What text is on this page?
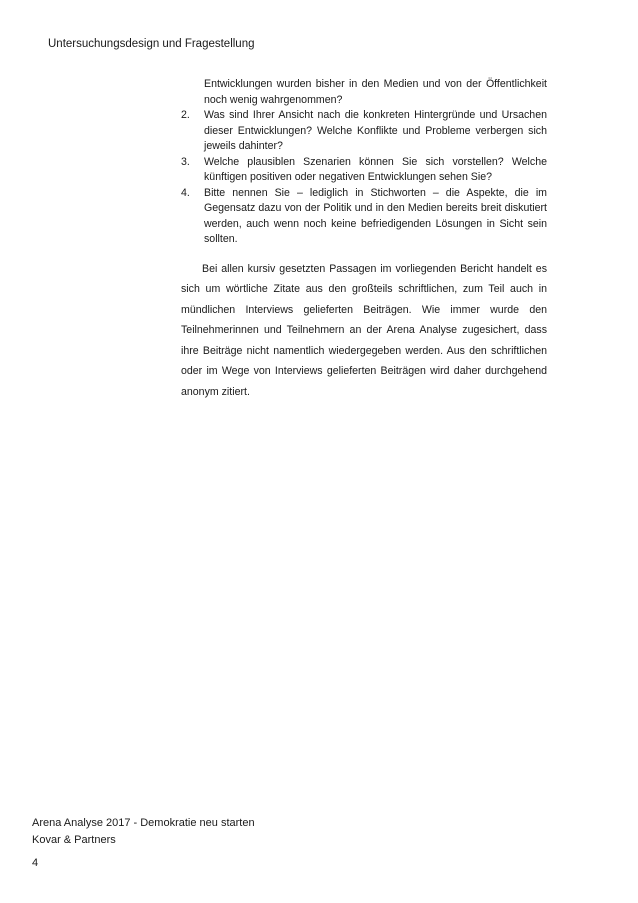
Untersuchungsdesign und Fragestellung
Entwicklungen wurden bisher in den Medien und von der Öffentlichkeit noch wenig wahrgenommen?
2. Was sind Ihrer Ansicht nach die konkreten Hintergründe und Ursachen dieser Entwicklungen? Welche Konflikte und Probleme verbergen sich jeweils dahinter?
3. Welche plausiblen Szenarien können Sie sich vorstellen? Welche künftigen positiven oder negativen Entwicklungen sehen Sie?
4. Bitte nennen Sie – lediglich in Stichworten – die Aspekte, die im Gegensatz dazu von der Politik und in den Medien bereits breit diskutiert werden, auch wenn noch keine befriedigenden Lösungen in Sicht sein sollten.

Bei allen kursiv gesetzten Passagen im vorliegenden Bericht handelt es sich um wörtliche Zitate aus den großteils schriftlichen, zum Teil auch in mündlichen Interviews gelieferten Beiträgen. Wie immer wurde den Teilnehmerinnen und Teilnehmern an der Arena Analyse zugesichert, dass ihre Beiträge nicht namentlich wiedergegeben werden. Aus den schriftlichen oder im Wege von Interviews gelieferten Beiträgen wird daher durchgehend anonym zitiert.

Arena Analyse 2017 - Demokratie neu starten
Kovar & Partners
4
